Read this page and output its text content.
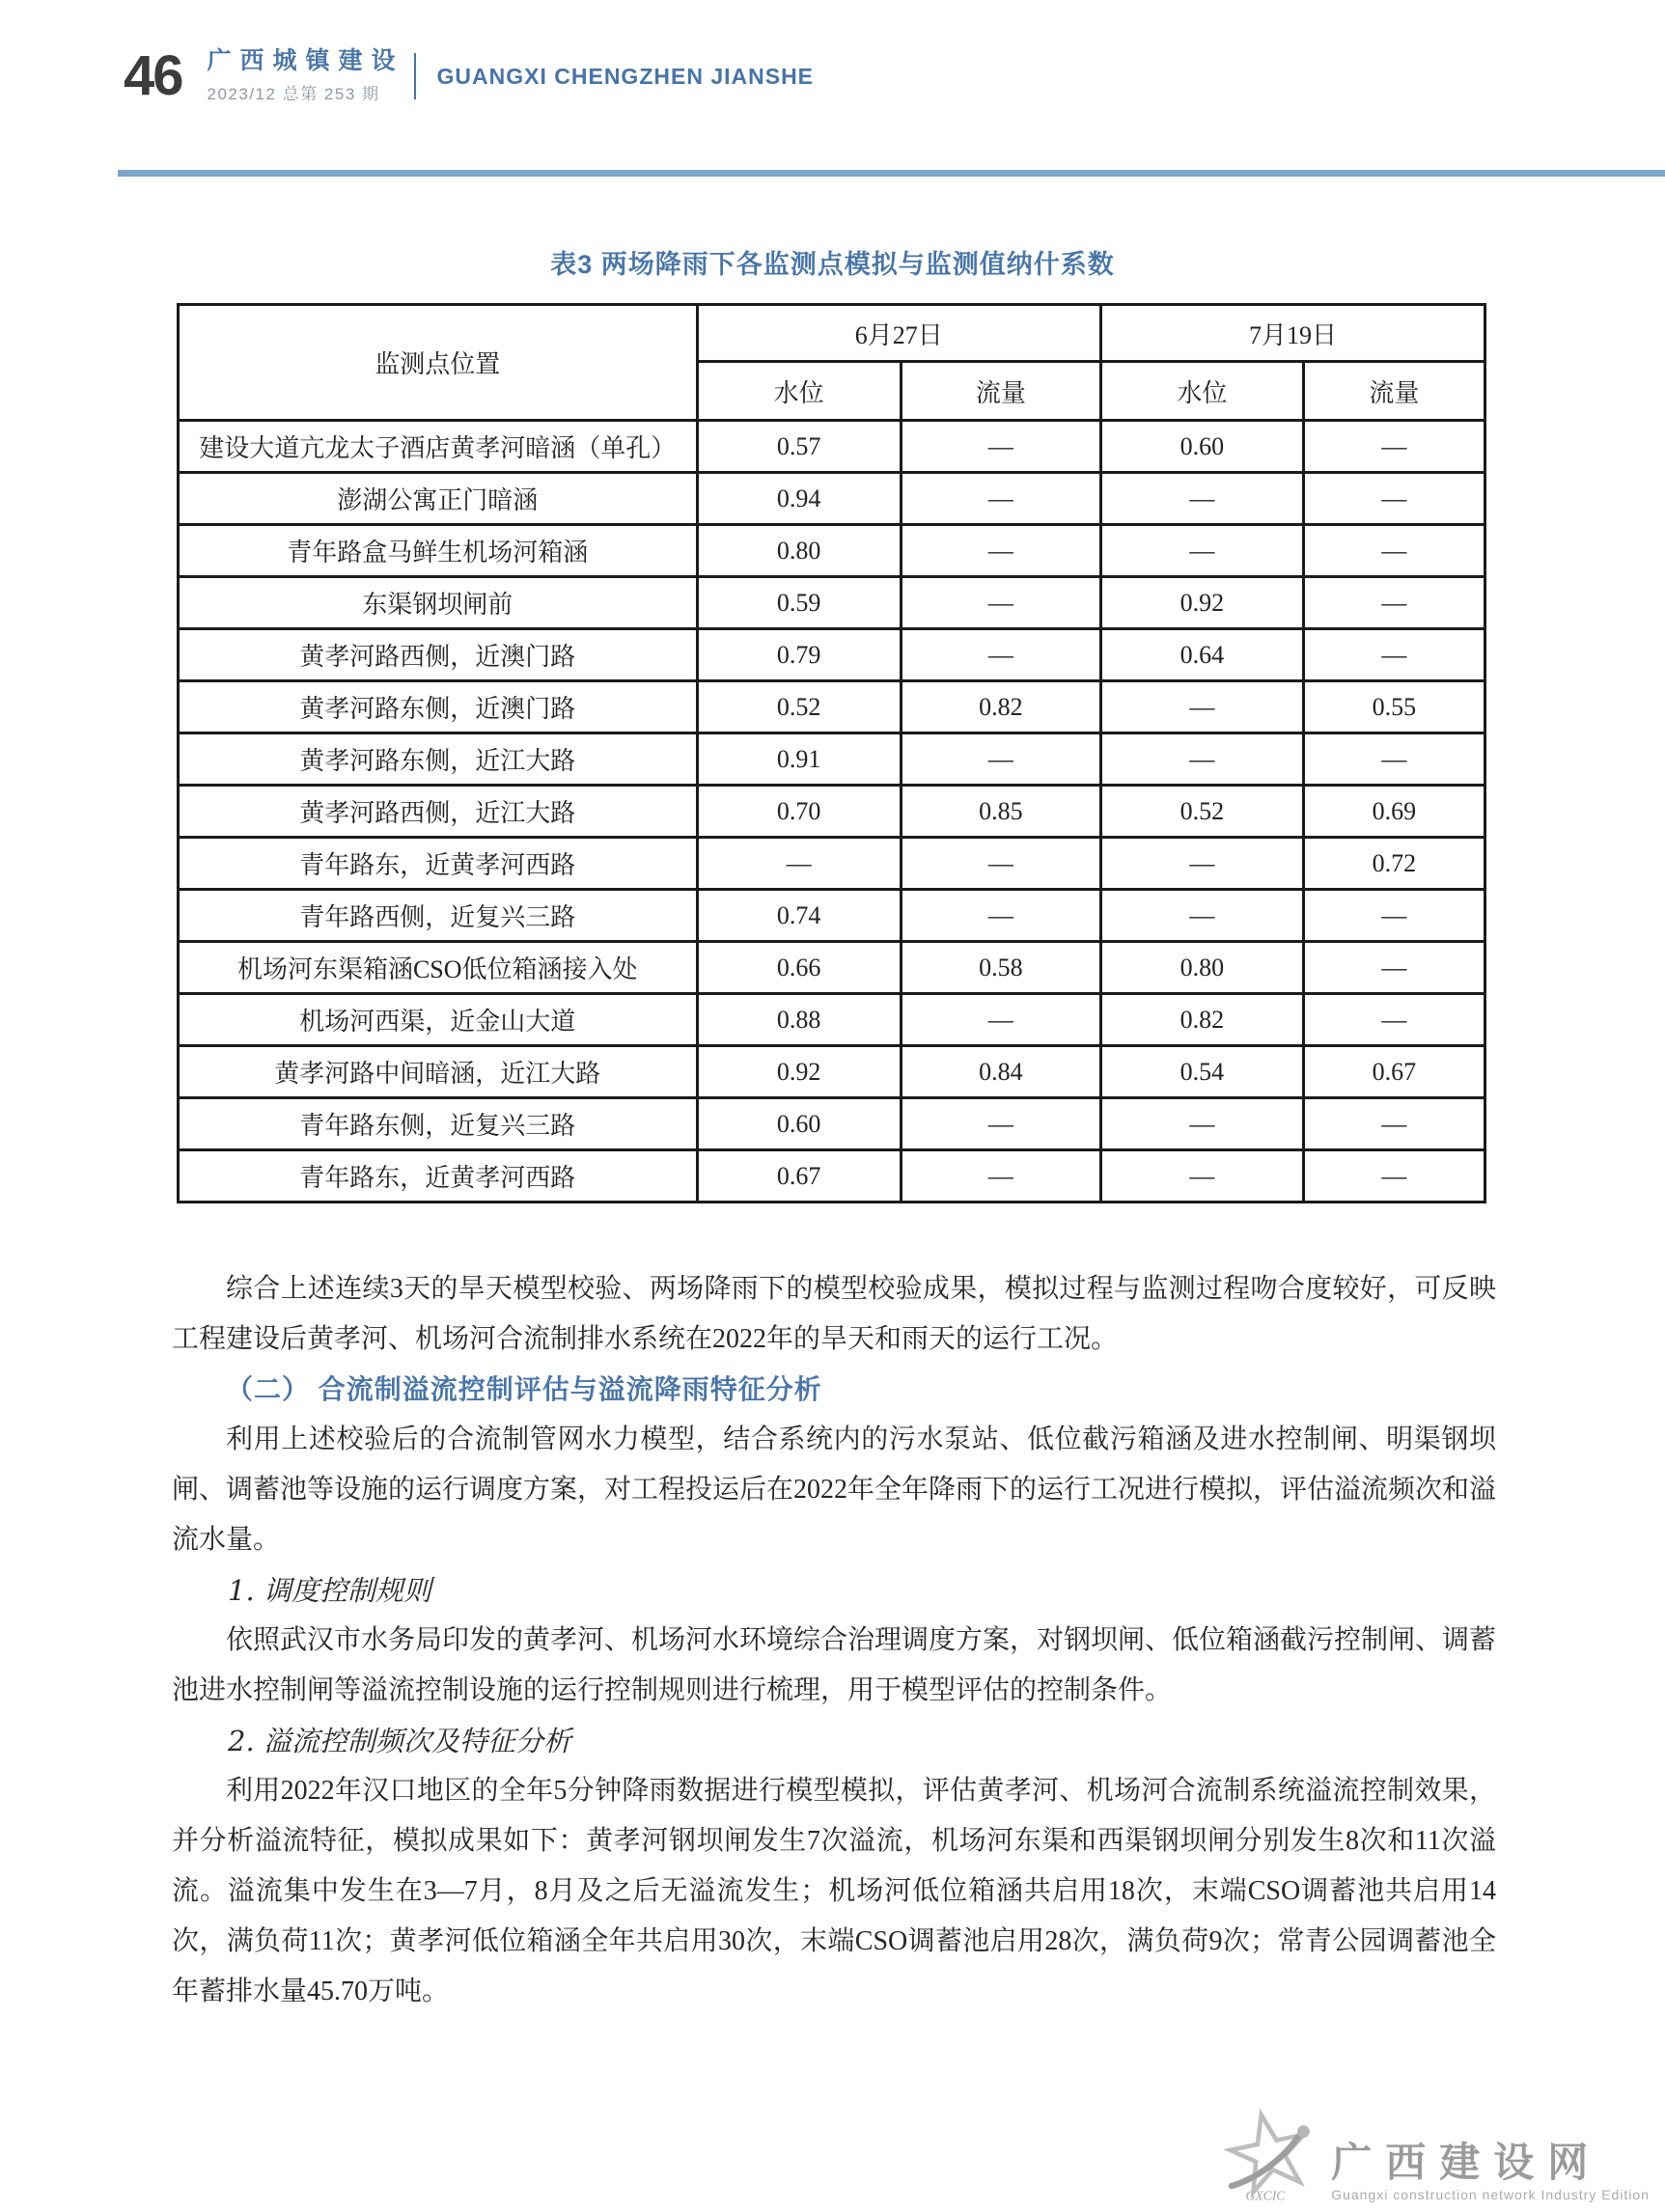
46 广西城镇建设
2023/12 总第 253 期
GUANGXI CHENGZHEN JIANSHE
表3 两场降雨下各监测点模拟与监测值纳什系数
监测点位置	6月27日		7月19日	
	水位	流量	水位	流量
建设大道亢龙太子酒店黄孝河暗涵（单孔）	0.57	—	0.60	—
澎湖公寓正门暗涵	0.94	—	—	—
青年路盒马鲜生机场河箱涵	0.80	—	—	—
东渠钢坝闸前	0.59	—	0.92	—
黄孝河路西侧，近澳门路	0.79	—	0.64	—
黄孝河路东侧，近澳门路	0.52	0.82	—	0.55
黄孝河路东侧，近江大路	0.91	—	—	—
黄孝河路西侧，近江大路	0.70	0.85	0.52	0.69
青年路东，近黄孝河西路	—	—	—	0.72
青年路西侧，近复兴三路	0.74	—	—	—
机场河东渠箱涵CSO低位箱涵接入处	0.66	0.58	0.80	—
机场河西渠，近金山大道	0.88	—	0.82	—
黄孝河路中间暗涵，近江大路	0.92	0.84	0.54	0.67
青年路东侧，近复兴三路	0.60	—	—	—
青年路东，近黄孝河西路	0.67	—	—	—

综合上述连续3天的旱天模型校验、两场降雨下的模型校验成果，模拟过程与监测过程吻合度较好，可反映工程建设后黄孝河、机场河合流制排水系统在2022年的旱天和雨天的运行工况。

（二） 合流制溢流控制评估与溢流降雨特征分析

利用上述校验后的合流制管网水力模型，结合系统内的污水泵站、低位截污箱涵及进水控制闸、明渠钢坝闸、调蓄池等设施的运行调度方案，对工程投运后在2022年全年降雨下的运行工况进行模拟，评估溢流频次和溢流水量。

1. 调度控制规则

依照武汉市水务局印发的黄孝河、机场河水环境综合治理调度方案，对钢坝闸、低位箱涵截污控制闸、调蓄池进水控制闸等溢流控制设施的运行控制规则进行梳理，用于模型评估的控制条件。

2. 溢流控制频次及特征分析

利用2022年汉口地区的全年5分钟降雨数据进行模型模拟，评估黄孝河、机场河合流制系统溢流控制效果，并分析溢流特征，模拟成果如下：黄孝河钢坝闸发生7次溢流，机场河东渠和西渠钢坝闸分别发生8次和11次溢流。溢流集中发生在3—7月，8月及之后无溢流发生；机场河低位箱涵共启用18次，末端CSO调蓄池共启用14次，满负荷11次；黄孝河低位箱涵全年共启用30次，末端CSO调蓄池启用28次，满负荷9次；常青公园调蓄池全年蓄排水量45.70万吨。

GXCIC
广西建设网
Guangxi construction network Industry Edition
